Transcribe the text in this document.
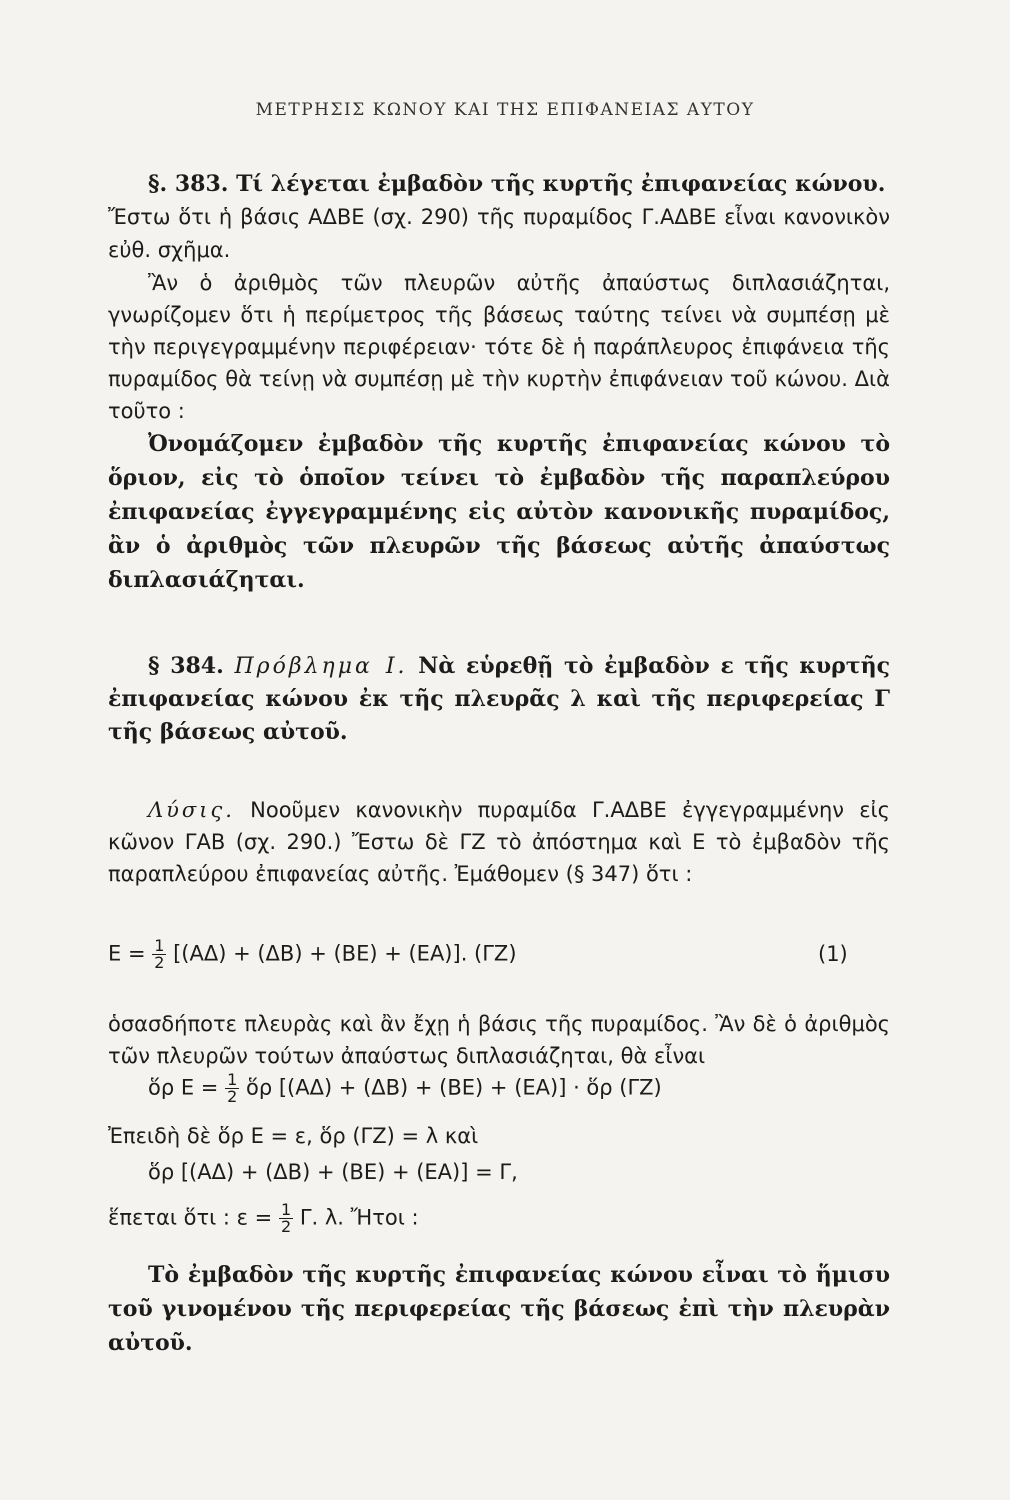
ΜΕΤΡΗΣΙΣ ΚΩΝΟΥ ΚΑΙ ΤΗΣ ΕΠΙΦΑΝΕΙΑΣ ΑΥΤΟΥ

§. 383. Τί λέγεται ἐμβαδὸν τῆς κυρτῆς ἐπιφανείας κώνου.

Ἔστω ὅτι ἡ βάσις ΑΔΒΕ (σχ. 290) τῆς πυραμίδος Γ.ΑΔΒΕ εἶναι κανονικὸν εὐθ. σχῆμα.

Ἂν ὁ ἀριθμὸς τῶν πλευρῶν αὐτῆς ἀπαύστως διπλασιάζηται, γνωρίζομεν ὅτι ἡ περίμετρος τῆς βάσεως ταύτης τείνει νὰ συμπέσῃ μὲ τὴν περιγεγραμμένην περιφέρειαν· τότε δὲ ἡ παράπλευρος ἐπιφάνεια τῆς πυραμίδος θὰ τείνῃ νὰ συμπέσῃ μὲ τὴν κυρτὴν ἐπιφάνειαν τοῦ κώνου. Διὰ τοῦτο :

Ὀνομάζομεν ἐμβαδὸν τῆς κυρτῆς ἐπιφανείας κώνου τὸ ὅριον, εἰς τὸ ὁποῖον τείνει τὸ ἐμβαδὸν τῆς παραπλεύρου ἐπιφανείας ἐγγεγραμμένης εἰς αὐτὸν κανονικῆς πυραμίδος, ἂν ὁ ἀριθμὸς τῶν πλευρῶν τῆς βάσεως αὐτῆς ἀπαύστως διπλασιάζηται.

§ 384. Πρόβλημα I. Νὰ εὑρεθῇ τὸ ἐμβαδὸν ε τῆς κυρτῆς ἐπιφανείας κώνου ἐκ τῆς πλευρᾶς λ καὶ τῆς περιφερείας Γ τῆς βάσεως αὐτοῦ.
Λύσις. Νοοῦμεν κανονικὴν πυραμίδα Γ.ΑΔΒΕ ἐγγεγραμμένην εἰς κῶνον ΓΑΒ (σχ. 290.) Ἔστω δὲ ΓΖ τὸ ἀπόστημα καὶ Ε τὸ ἐμβαδὸν τῆς παραπλεύρου ἐπιφανείας αὐτῆς. Ἐμάθομεν (§ 347) ὅτι :
$E = \frac{1}{2} [(A\Delta) + (\Delta B) + (BE) + (EA)]$. (ΓΖ)	(1)
ὁσασδήποτε πλευρὰς καὶ ἂν ἔχῃ ἡ βάσις τῆς πυραμίδος. Ἂν δὲ ὁ ἀριθμὸς τῶν πλευρῶν τούτων ἀπαύστως διπλασιάζηται, θὰ εἶναι
ὅρ $E = \frac{1}{2}$ ὅρ [(ΑΔ) + (ΔΒ) + (ΒΕ) + (ΕΑ)] · ὅρ (ΓΖ)
Ἐπειδὴ δὲ ὅρ Ε = ε, ὅρ (ΓΖ) = λ καὶ
ὅρ [(ΑΔ) + (ΔΒ) + (ΒΕ) + (ΕΑ)] = Γ,
ἕπεται ὅτι : $\varepsilon = \frac{1}{2} \Gamma$. λ. Ἤτοι :
Τὸ ἐμβαδὸν τῆς κυρτῆς ἐπιφανείας κώνου εἶναι τὸ ἥμισυ τοῦ γινομένου τῆς περιφερείας τῆς βάσεως ἐπὶ τὴν πλευρὰν αὐτοῦ.
